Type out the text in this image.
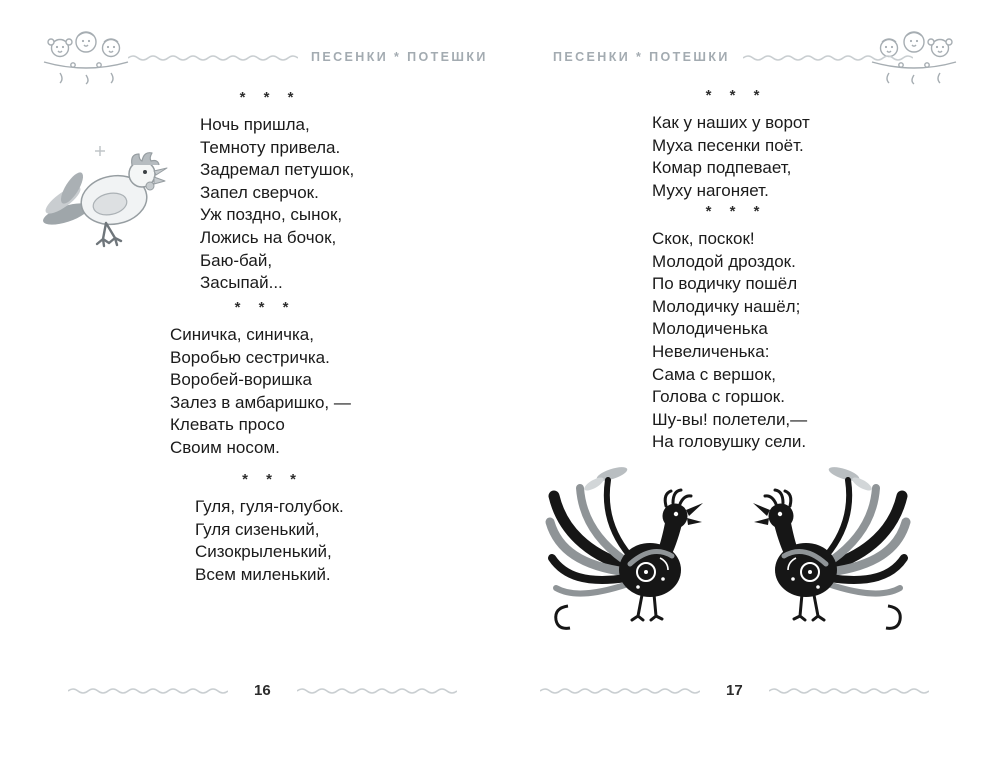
ПЕСЕНКИ * ПОТЕШКИ	ПЕСЕНКИ * ПОТЕШКИ
* * *
Ночь пришла,
Темноту привела.
Задремал петушок,
Запел сверчок.
Уж поздно, сынок,
Ложись на бочок,
Баю-бай,
Засыпай...
* * *
Синичка, синичка,
Воробью сестричка.
Воробей-воришка
Залез в амбаришко, —
Клевать просо
Своим носом.
* * *
Гуля, гуля-голубок.
Гуля сизенький,
Сизокрыленький,
Всем миленький.
* * *
Как у наших у ворот
Муха песенки поёт.
Комар подпевает,
Муху нагоняет.
* * *
Скок, поскок!
Молодой дроздок.
По водичку пошёл
Молодичку нашёл;
Молодиченька
Невеличенька:
Сама с вершок,
Голова с горшок.
Шу-вы! полетели,—
На головушку сели.
16	17
